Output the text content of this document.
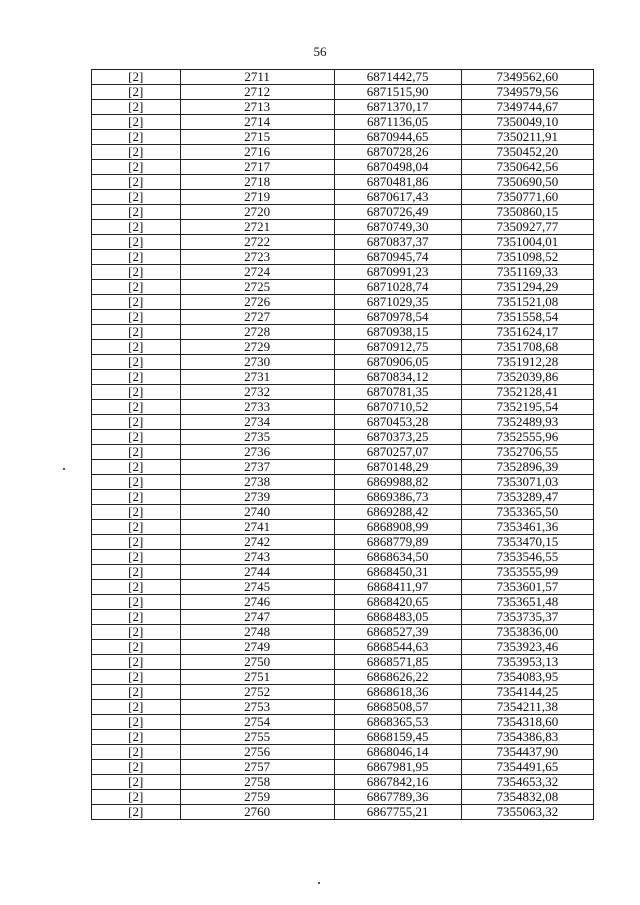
56
[2]	2711	6871442,75	7349562,60
[2]	2712	6871515,90	7349579,56
[2]	2713	6871370,17	7349744,67
[2]	2714	6871136,05	7350049,10
[2]	2715	6870944,65	7350211,91
[2]	2716	6870728,26	7350452,20
[2]	2717	6870498,04	7350642,56
[2]	2718	6870481,86	7350690,50
[2]	2719	6870617,43	7350771,60
[2]	2720	6870726,49	7350860,15
[2]	2721	6870749,30	7350927,77
[2]	2722	6870837,37	7351004,01
[2]	2723	6870945,74	7351098,52
[2]	2724	6870991,23	7351169,33
[2]	2725	6871028,74	7351294,29
[2]	2726	6871029,35	7351521,08
[2]	2727	6870978,54	7351558,54
[2]	2728	6870938,15	7351624,17
[2]	2729	6870912,75	7351708,68
[2]	2730	6870906,05	7351912,28
[2]	2731	6870834,12	7352039,86
[2]	2732	6870781,35	7352128,41
[2]	2733	6870710,52	7352195,54
[2]	2734	6870453,28	7352489,93
[2]	2735	6870373,25	7352555,96
[2]	2736	6870257,07	7352706,55
[2]	2737	6870148,29	7352896,39
[2]	2738	6869988,82	7353071,03
[2]	2739	6869386,73	7353289,47
[2]	2740	6869288,42	7353365,50
[2]	2741	6868908,99	7353461,36
[2]	2742	6868779,89	7353470,15
[2]	2743	6868634,50	7353546,55
[2]	2744	6868450,31	7353555,99
[2]	2745	6868411,97	7353601,57
[2]	2746	6868420,65	7353651,48
[2]	2747	6868483,05	7353735,37
[2]	2748	6868527,39	7353836,00
[2]	2749	6868544,63	7353923,46
[2]	2750	6868571,85	7353953,13
[2]	2751	6868626,22	7354083,95
[2]	2752	6868618,36	7354144,25
[2]	2753	6868508,57	7354211,38
[2]	2754	6868365,53	7354318,60
[2]	2755	6868159,45	7354386,83
[2]	2756	6868046,14	7354437,90
[2]	2757	6867981,95	7354491,65
[2]	2758	6867842,16	7354653,32
[2]	2759	6867789,36	7354832,08
[2]	2760	6867755,21	7355063,32
